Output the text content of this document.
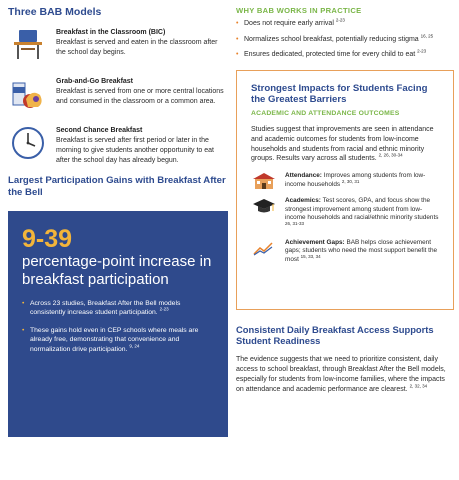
Three BAB Models
Breakfast in the Classroom (BIC)
Breakfast is served and eaten in the classroom after the school day begins.
Grab-and-Go Breakfast
Breakfast is served from one or more central locations and consumed in the classroom or a common area.
Second Chance Breakfast
Breakfast is served after first period or later in the morning to give students another opportunity to eat after the school day has already begun.
Largest Participation Gains with Breakfast After the Bell
9-39
percentage-point increase in breakfast participation
• Across 23 studies, Breakfast After the Bell models consistently increase student participation. $^{2-23}$
• These gains hold even in CEP schools where meals are already free, demonstrating that convenience and normalization drive participation. $^{9, 24}$
WHY BAB WORKS IN PRACTICE
• Does not require early arrival $^{2-23}$
• Normalizes school breakfast, potentially reducing stigma $^{16, 25}$
• Ensures dedicated, protected time for every child to eat $^{2-23}$
Strongest Impacts for Students Facing the Greatest Barriers
ACADEMIC AND ATTENDANCE OUTCOMES
Studies suggest that improvements are seen in attendance and academic outcomes for students from low-income households and students from racial and ethnic minority groups. Results vary across all students. $^{2, 26, 30-34}$
Attendance: Improves among students from low-income households $^{2, 30, 31}$
Academics: Test scores, GPA, and focus show the strongest improvement among student from low-income households and racial/ethnic minority students $^{26, 31-33}$
Achievement Gaps: BAB helps close achievement gaps; students who need the most support benefit the most $^{15, 33, 34}$
Consistent Daily Breakfast Access Supports Student Readiness
The evidence suggests that we need to prioritize consistent, daily access to school breakfast, through Breakfast After the Bell models, especially for students from low-income families, where the impacts on attendance and academic performance are clearest. $^{2, 32, 34}$
